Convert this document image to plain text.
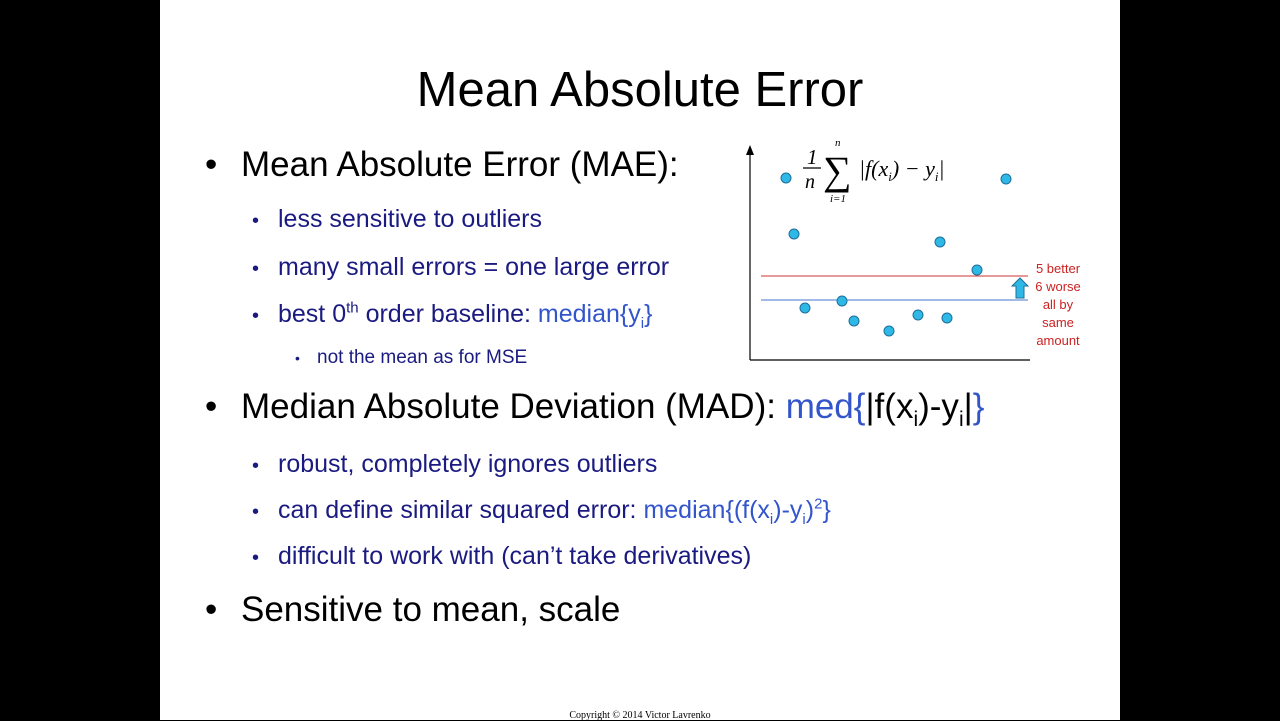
Mean Absolute Error
• Mean Absolute Error (MAE):
• less sensitive to outliers
• many small errors = one large error
• best 0th order baseline: $median\{y_i\}$
• not the mean as for MSE
• Median Absolute Deviation (MAD): $med\{|f(x_i)-y_i|\}$
• robust, completely ignores outliers
• can define similar squared error: $median\{(f(x_i)-y_i)^2\}$
• difficult to work with (can’t take derivatives)
• Sensitive to mean, scale
1
n
n
∑
i=1
$|f(x_i) - y_i|$
5 better
6 worse
all by
same
amount
Copyright © 2014 Victor Lavrenko
